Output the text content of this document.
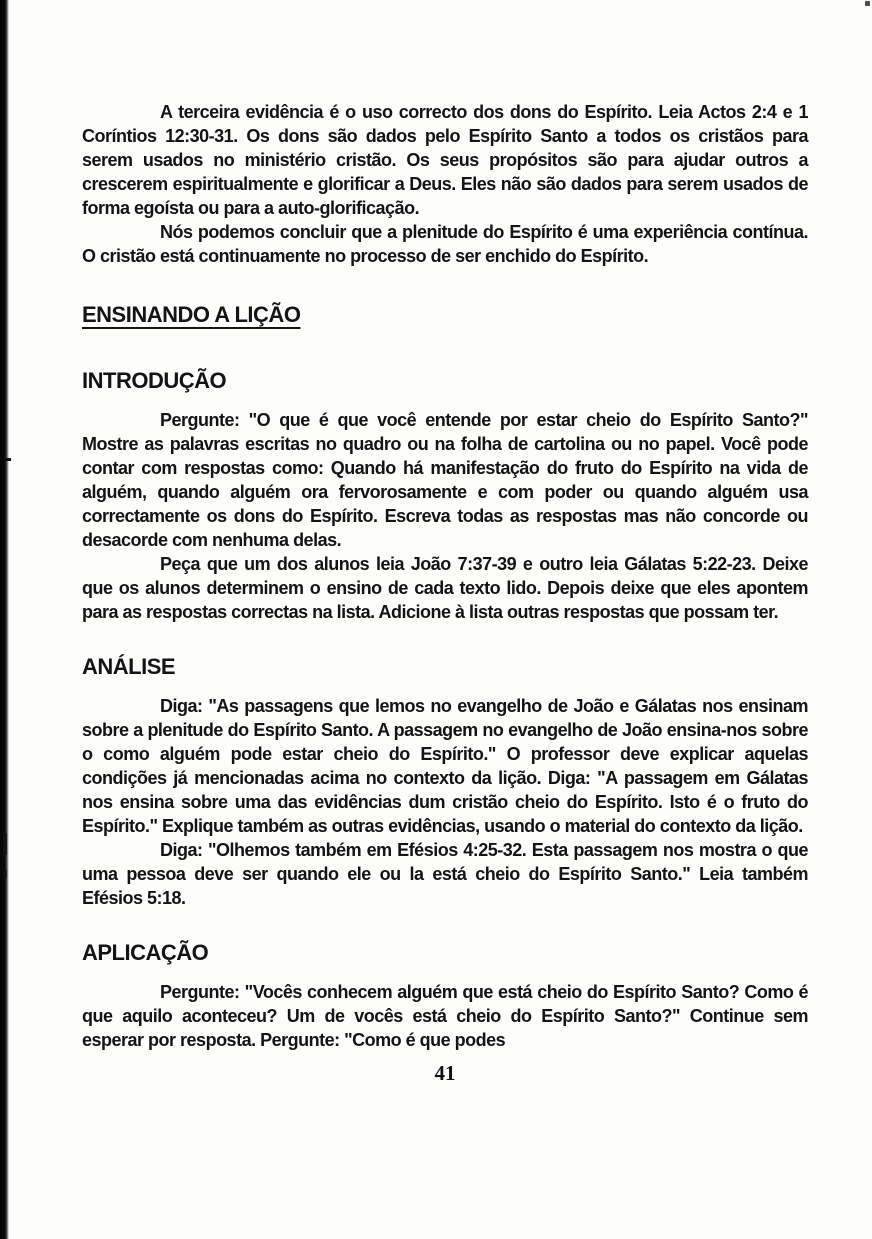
A terceira evidência é o uso correcto dos dons do Espírito. Leia Actos 2:4 e 1 Coríntios 12:30-31. Os dons são dados pelo Espírito Santo a todos os cristãos para serem usados no ministério cristão. Os seus propósitos são para ajudar outros a crescerem espiritualmente e glorificar a Deus. Eles não são dados para serem usados de forma egoísta ou para a auto-glorificação.

Nós podemos concluir que a plenitude do Espírito é uma experiência contínua. O cristão está continuamente no processo de ser enchido do Espírito.

ENSINANDO A LIÇÃO
INTRODUÇÃO

Pergunte: "O que é que você entende por estar cheio do Espírito Santo?" Mostre as palavras escritas no quadro ou na folha de cartolina ou no papel. Você pode contar com respostas como: Quando há manifestação do fruto do Espírito na vida de alguém, quando alguém ora fervorosamente e com poder ou quando alguém usa correctamente os dons do Espírito. Escreva todas as respostas mas não concorde ou desacorde com nenhuma delas.

Peça que um dos alunos leia João 7:37-39 e outro leia Gálatas 5:22-23. Deixe que os alunos determinem o ensino de cada texto lido. Depois deixe que eles apontem para as respostas correctas na lista. Adicione à lista outras respostas que possam ter.

ANÁLISE

Diga: "As passagens que lemos no evangelho de João e Gálatas nos ensinam sobre a plenitude do Espírito Santo. A passagem no evangelho de João ensina-nos sobre o como alguém pode estar cheio do Espírito." O professor deve explicar aquelas condições já mencionadas acima no contexto da lição. Diga: "A passagem em Gálatas nos ensina sobre uma das evidências dum cristão cheio do Espírito. Isto é o fruto do Espírito." Explique também as outras evidências, usando o material do contexto da lição.

Diga: "Olhemos também em Efésios 4:25-32. Esta passagem nos mostra o que uma pessoa deve ser quando ele ou la está cheio do Espírito Santo." Leia também Efésios 5:18.

APLICAÇÃO

Pergunte: "Vocês conhecem alguém que está cheio do Espírito Santo? Como é que aquilo aconteceu? Um de vocês está cheio do Espírito Santo?" Continue sem esperar por resposta. Pergunte: "Como é que podes

41
